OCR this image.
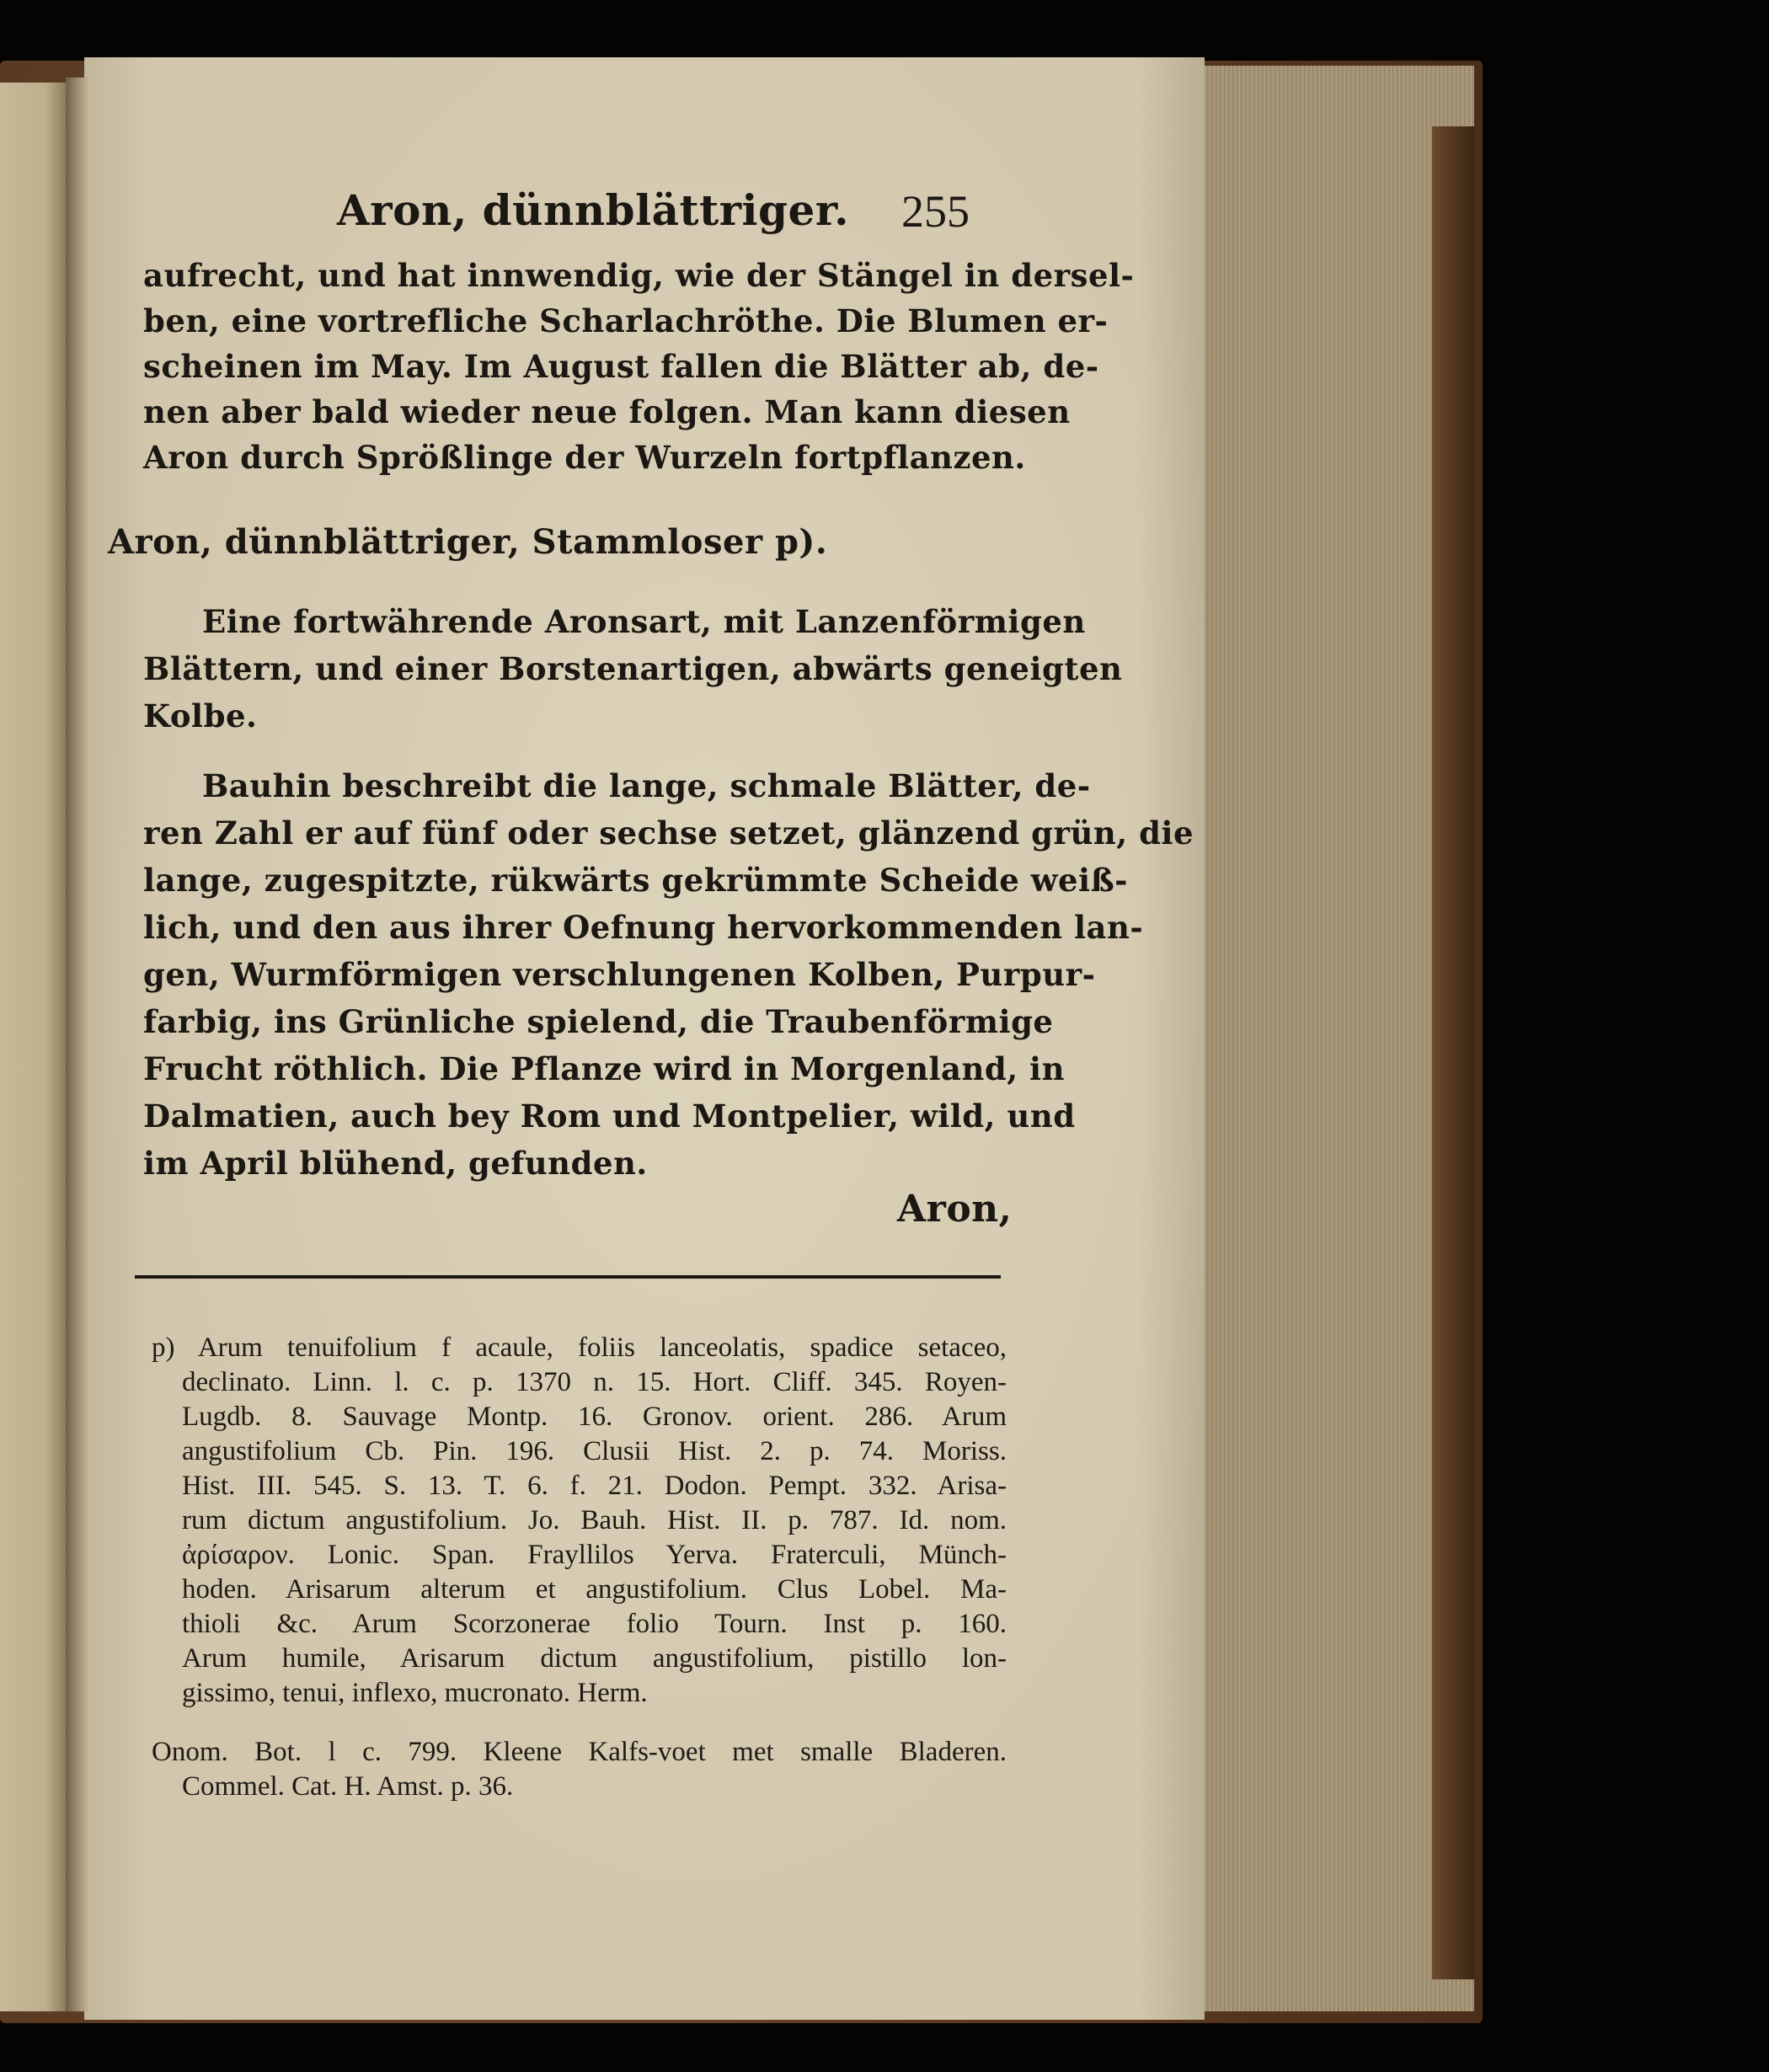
Aron, dünnblättriger. 255
aufrecht, und hat innwendig, wie der Stängel in dersel-
ben, eine vortrefliche Scharlachröthe. Die Blumen er-
scheinen im May. Im August fallen die Blätter ab, de-
nen aber bald wieder neue folgen. Man kann diesen
Aron durch Sprößlinge der Wurzeln fortpflanzen.
Aron, dünnblättriger, Stammloser p).
Eine fortwährende Aronsart, mit Lanzenförmigen
Blättern, und einer Borstenartigen, abwärts geneigten
Kolbe.
Bauhin beschreibt die lange, schmale Blätter, de-
ren Zahl er auf fünf oder sechse setzet, glänzend grün, die
lange, zugespitzte, rükwärts gekrümmte Scheide weiß-
lich, und den aus ihrer Oefnung hervorkommenden lan-
gen, Wurmförmigen verschlungenen Kolben, Purpur-
farbig, ins Grünliche spielend, die Traubenförmige
Frucht röthlich. Die Pflanze wird in Morgenland, in
Dalmatien, auch bey Rom und Montpelier, wild, und
im April blühend, gefunden.
Aron,
p) Arum tenuifolium f acaule, foliis lanceolatis, spadice setaceo,
declinato. Linn. l. c. p. 1370 n. 15. Hort. Cliff. 345. Royen-
Lugdb. 8. Sauvage Montp. 16. Gronov. orient. 286. Arum
angustifolium Cb. Pin. 196. Clusii Hist. 2. p. 74. Moriss.
Hist. III. 545. S. 13. T. 6. f. 21. Dodon. Pempt. 332. Arisa-
rum dictum angustifolium. Jo. Bauh. Hist. II. p. 787. Id. nom.
ἀρίσαρον. Lonic. Span. Frayllilos Yerva. Fraterculi, Münch-
hoden. Arisarum alterum et angustifolium. Clus Lobel. Ma-
thioli &c. Arum Scorzonerae folio Tourn. Inst p. 160.
Arum humile, Arisarum dictum angustifolium, pistillo lon-
gissimo, tenui, inflexo, mucronato. Herm.
Onom. Bot. l c. 799. Kleene Kalfs-voet met smalle Bladeren.
Commel. Cat. H. Amst. p. 36.
